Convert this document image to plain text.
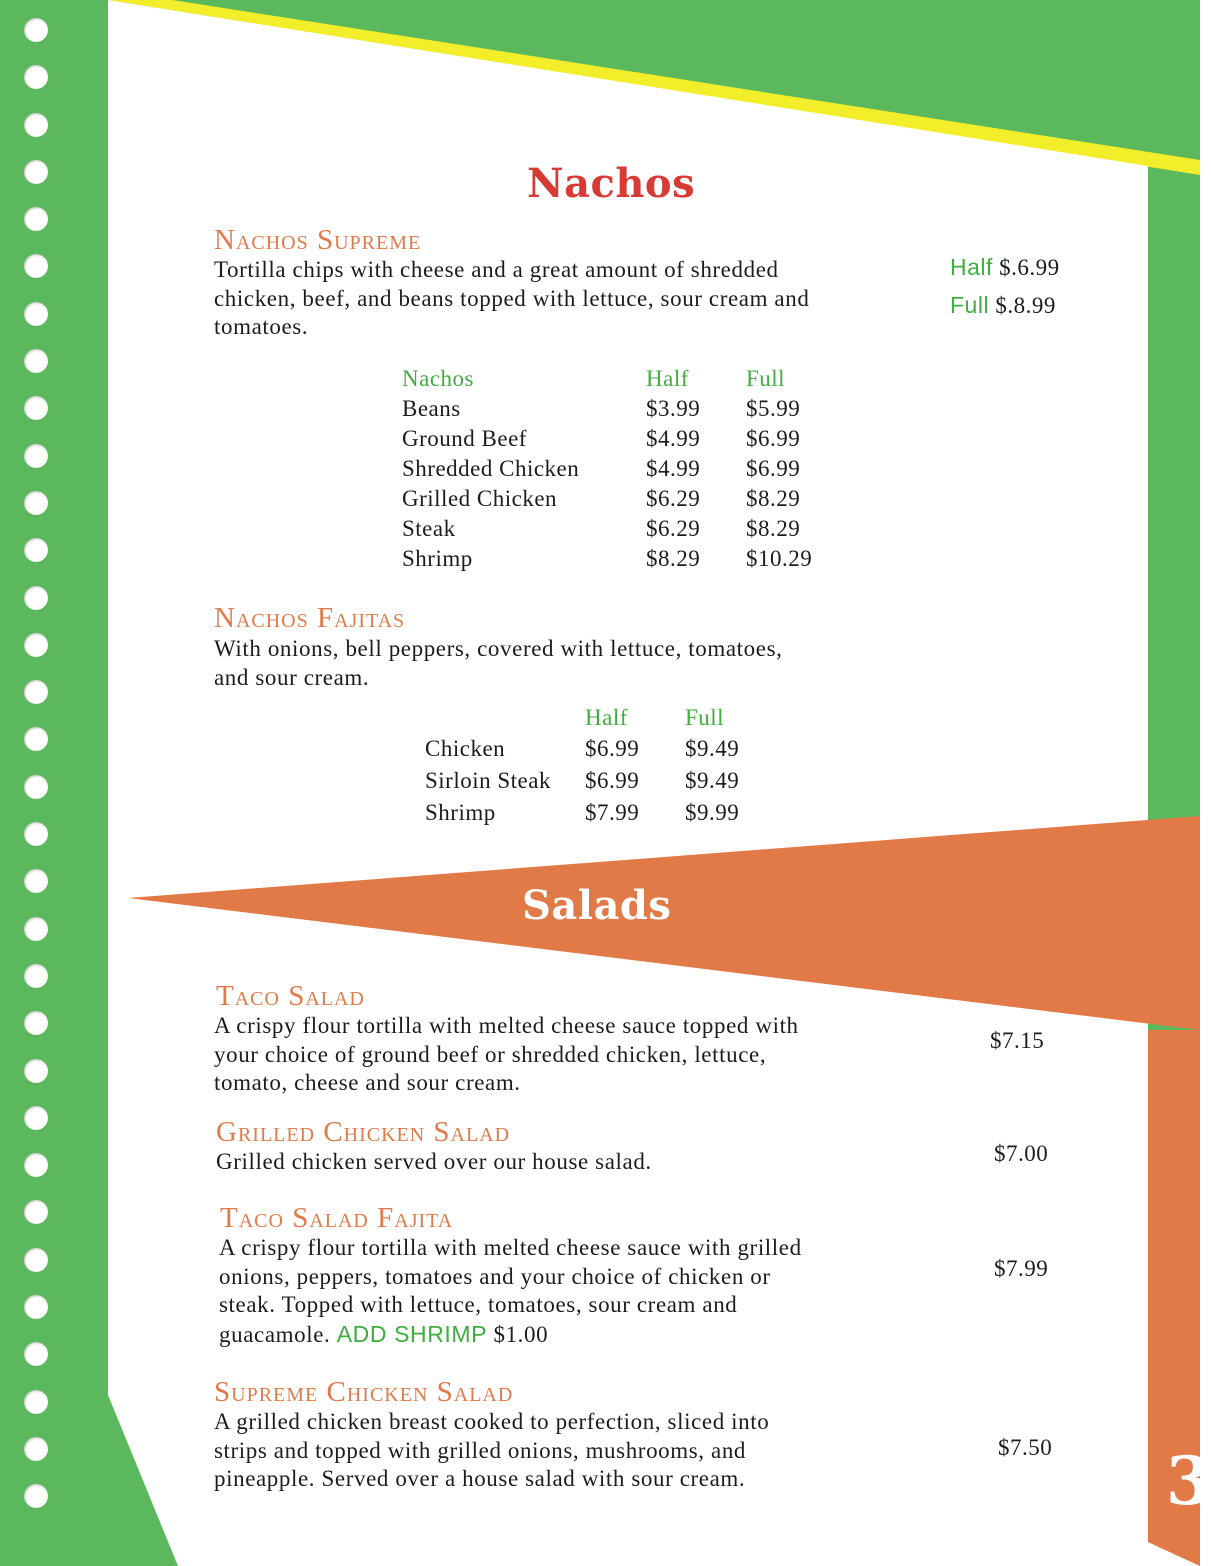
Nachos
Nachos Supreme
Tortilla chips with cheese and a great amount of shredded
chicken, beef, and beans topped with lettuce, sour cream and
tomatoes.
Half $.6.99
Full $.8.99
Nachos	Half	Full
Beans	$3.99	$5.99
Ground Beef	$4.99	$6.99
Shredded Chicken	$4.99	$6.99
Grilled Chicken	$6.29	$8.29
Steak	$6.29	$8.29
Shrimp	$8.29	$10.29
Nachos Fajitas
With onions, bell peppers, covered with lettuce, tomatoes,
and sour cream.
	Half	Full
Chicken	$6.99	$9.49
Sirloin Steak	$6.99	$9.49
Shrimp	$7.99	$9.99
Salads
Taco Salad
A crispy flour tortilla with melted cheese sauce topped with
your choice of ground beef or shredded chicken, lettuce,
tomato, cheese and sour cream.
$7.15
Grilled Chicken Salad
Grilled chicken served over our house salad.	$7.00
Taco Salad Fajita
A crispy flour tortilla with melted cheese sauce with grilled
onions, peppers, tomatoes and your choice of chicken or
steak. Topped with lettuce, tomatoes, sour cream and
guacamole. ADD SHRIMP $1.00
$7.99
Supreme Chicken Salad
A grilled chicken breast cooked to perfection, sliced into
strips and topped with grilled onions, mushrooms, and
pineapple. Served over a house salad with sour cream.
$7.50 3
